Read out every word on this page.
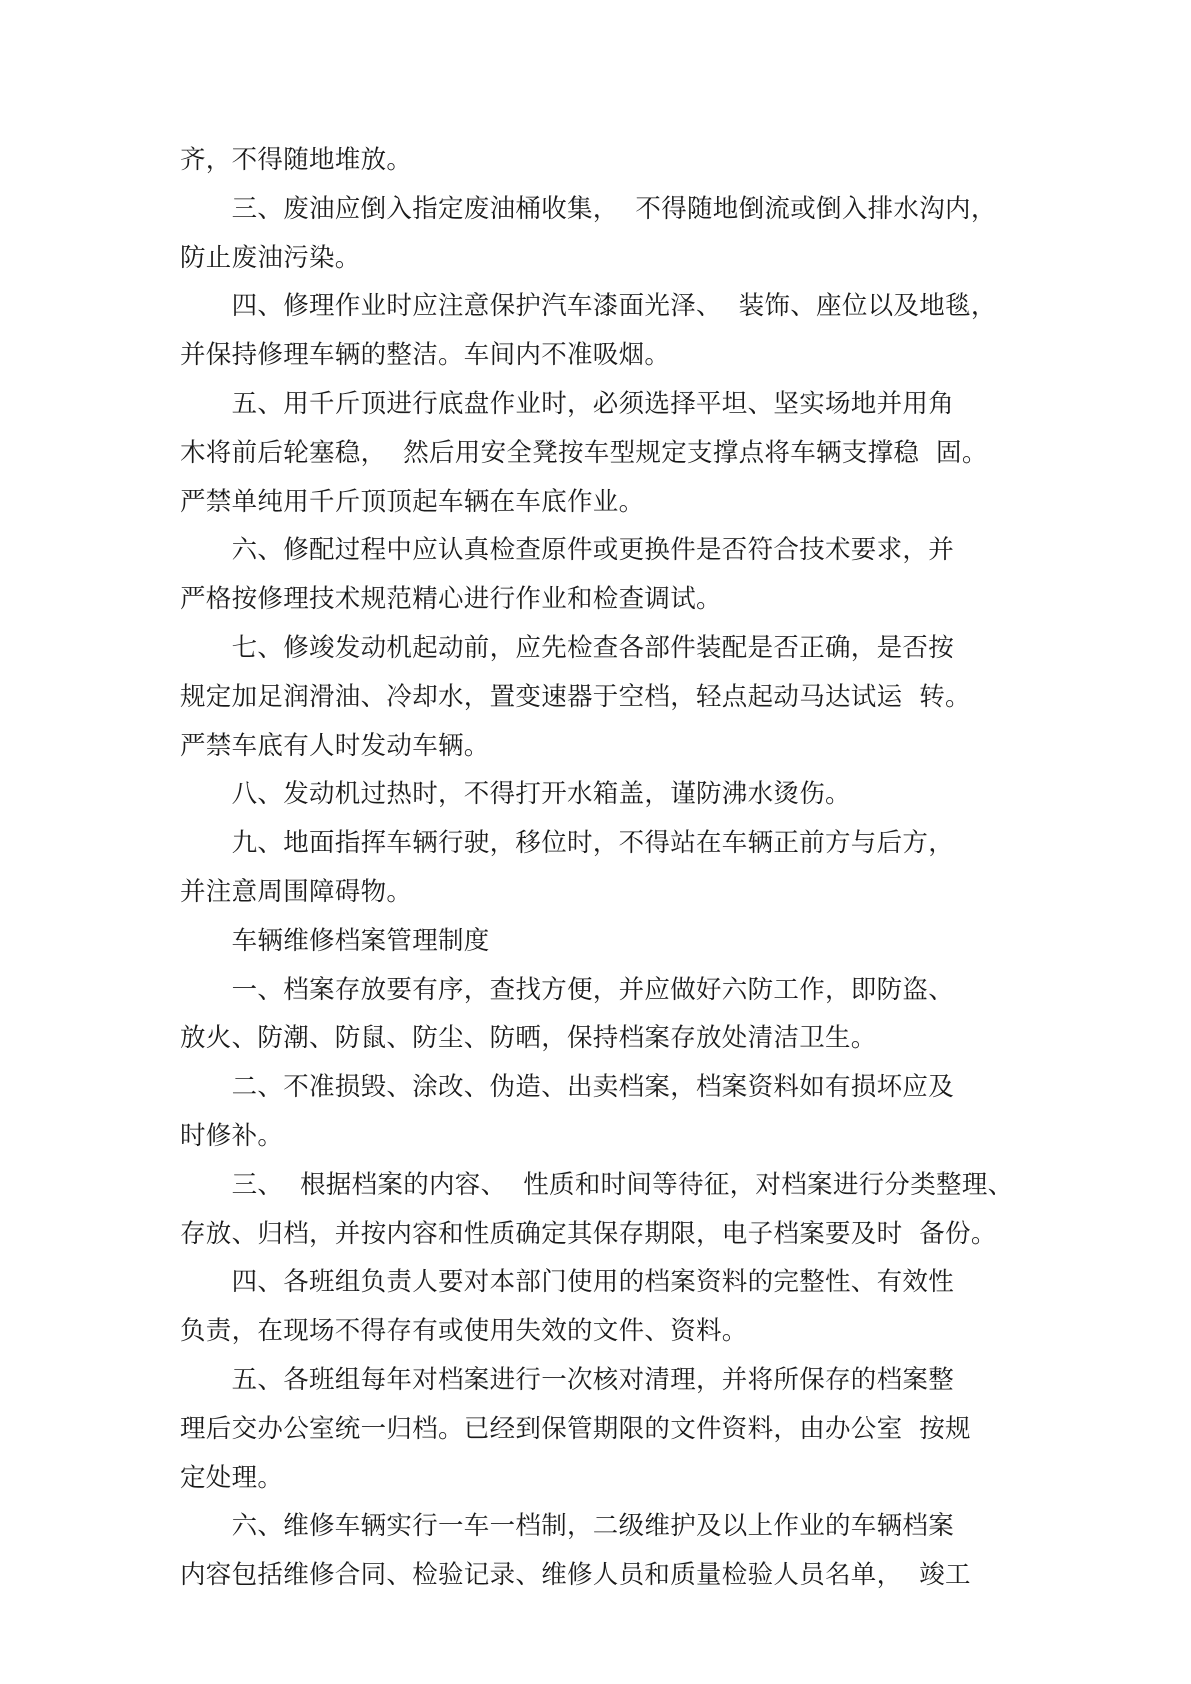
齐，不得随地堆放。
　　三、废油应倒入指定废油桶收集，  不得随地倒流或倒入排水沟内，
防止废油污染。
　　四、修理作业时应注意保护汽车漆面光泽、  装饰、座位以及地毯，
并保持修理车辆的整洁。车间内不准吸烟。
　　五、用千斤顶进行底盘作业时，必须选择平坦、坚实场地并用角
木将前后轮塞稳，  然后用安全凳按车型规定支撑点将车辆支撑稳  固。
严禁单纯用千斤顶顶起车辆在车底作业。
　　六、修配过程中应认真检查原件或更换件是否符合技术要求，并
严格按修理技术规范精心进行作业和检查调试。
　　七、修竣发动机起动前，应先检查各部件装配是否正确，是否按
规定加足润滑油、冷却水，置变速器于空档，轻点起动马达试运  转。
严禁车底有人时发动车辆。
　　八、发动机过热时，不得打开水箱盖，谨防沸水烫伤。
　　九、地面指挥车辆行驶，移位时，不得站在车辆正前方与后方，
并注意周围障碍物。
　　车辆维修档案管理制度
　　一、档案存放要有序，查找方便，并应做好六防工作，即防盗、
放火、防潮、防鼠、防尘、防晒，保持档案存放处清洁卫生。
　　二、不准损毁、涂改、伪造、出卖档案，档案资料如有损坏应及
时修补。
　　三、  根据档案的内容、  性质和时间等待征，对档案进行分类整理、
存放、归档，并按内容和性质确定其保存期限，电子档案要及时  备份。
　　四、各班组负责人要对本部门使用的档案资料的完整性、有效性
负责，在现场不得存有或使用失效的文件、资料。
　　五、各班组每年对档案进行一次核对清理，并将所保存的档案整
理后交办公室统一归档。已经到保管期限的文件资料，由办公室  按规
定处理。
　　六、维修车辆实行一车一档制，二级维护及以上作业的车辆档案
内容包括维修合同、检验记录、维修人员和质量检验人员名单，  竣工
